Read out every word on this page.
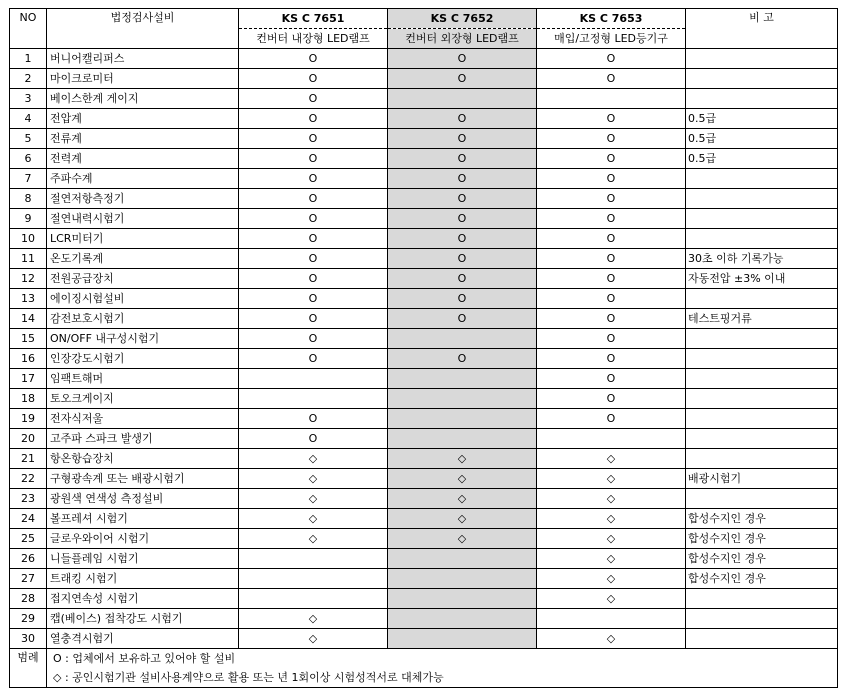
NO	법정검사설비	KS C 7651	KS C 7652	KS C 7653	비 고
		컨버터 내장형 LED램프	컨버터 외장형 LED램프	매입/고정형 LED등기구	
1	버니어캘리퍼스	O	O	O	
2	마이크로미터	O	O	O	
3	베이스한계 게이지	O			
4	전압계	O	O	O	0.5급
5	전류계	O	O	O	0.5급
6	전력계	O	O	O	0.5급
7	주파수계	O	O	O	
8	절연저항측정기	O	O	O	
9	절연내력시험기	O	O	O	
10	LCR미터기	O	O	O	
11	온도기록계	O	O	O	30초 이하 기록가능
12	전원공급장치	O	O	O	자동전압 ±3% 이내
13	에이징시험설비	O	O	O	
14	감전보호시험기	O	O	O	테스트핑거류
15	ON/OFF 내구성시험기	O		O	
16	인장강도시험기	O	O	O	
17	임팩트해머			O	
18	토오크게이지			O	
19	전자식저울	O		O	
20	고주파 스파크 발생기	O			
21	항온항습장치	◇	◇	◇	
22	구형광속계 또는 배광시험기	◇	◇	◇	배광시험기
23	광원색 연색성 측정설비	◇	◇	◇	
24	볼프레셔 시험기	◇	◇	◇	합성수지인 경우
25	글로우와이어 시험기	◇	◇	◇	합성수지인 경우
26	니들플레임 시험기			◇	합성수지인 경우
27	트래킹 시험기			◇	합성수지인 경우
28	접지연속성 시험기			◇	
29	캡(베이스) 접착강도 시험기	◇			
30	열충격시험기	◇		◇	
범례	O : 업체에서 보유하고 있어야 할 설비
◇ : 공인시험기관 설비사용계약으로 활용 또는 년 1회이상 시험성적서로 대체가능				
